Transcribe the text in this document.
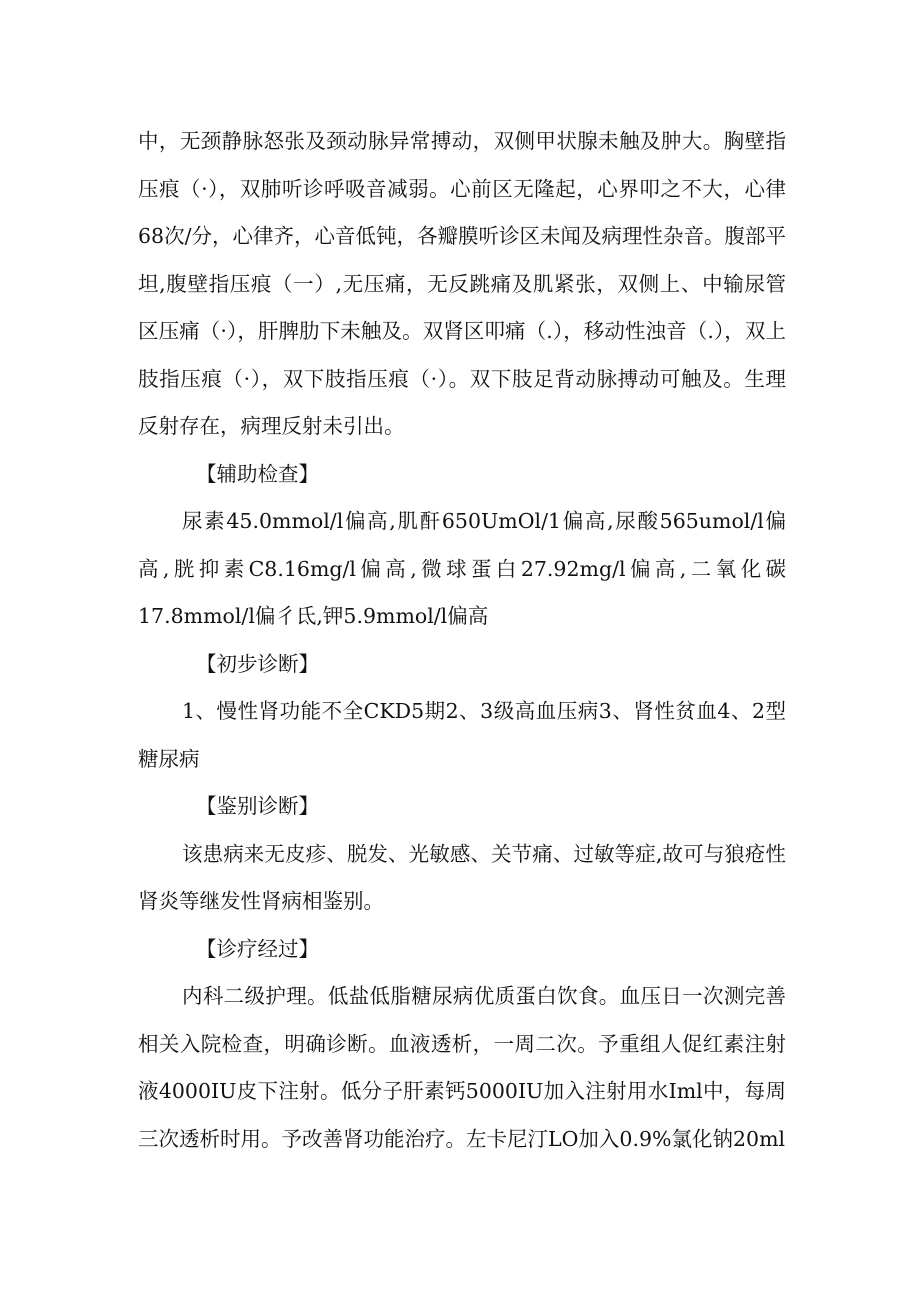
中，无颈静脉怒张及颈动脉异常搏动，双侧甲状腺未触及肿大。胸壁指压痕（·），双肺听诊呼吸音减弱。心前区无隆起，心界叩之不大，心律68次/分，心律齐，心音低钝，各瓣膜听诊区未闻及病理性杂音。腹部平坦,腹壁指压痕（一）,无压痛，无反跳痛及肌紧张，双侧上、中输尿管区压痛（·），肝脾肋下未触及。双肾区叩痛（.），移动性浊音（.），双上肢指压痕（·），双下肢指压痕（·）。双下肢足背动脉搏动可触及。生理反射存在，病理反射未引出。

【辅助检查】

尿素45.0mmol/l偏高,肌酐650UmOl/1偏高,尿酸565umol/l偏高,胱抑素C8.16mg/l偏高,微球蛋白27.92mg/l偏高,二氧化碳17.8mmol/l偏彳氐,钾5.9mmol/l偏高

【初步诊断】

1、慢性肾功能不全CKD5期2、3级高血压病3、肾性贫血4、2型糖尿病

【鉴别诊断】

该患病来无皮疹、脱发、光敏感、关节痛、过敏等症,故可与狼疮性肾炎等继发性肾病相鉴别。

【诊疗经过】

内科二级护理。低盐低脂糖尿病优质蛋白饮食。血压日一次测完善相关入院检查，明确诊断。血液透析，一周二次。予重组人促红素注射液4000IU皮下注射。低分子肝素钙5000IU加入注射用水Iml中，每周三次透析时用。予改善肾功能治疗。左卡尼汀LO加入0.9%氯化钠20ml
